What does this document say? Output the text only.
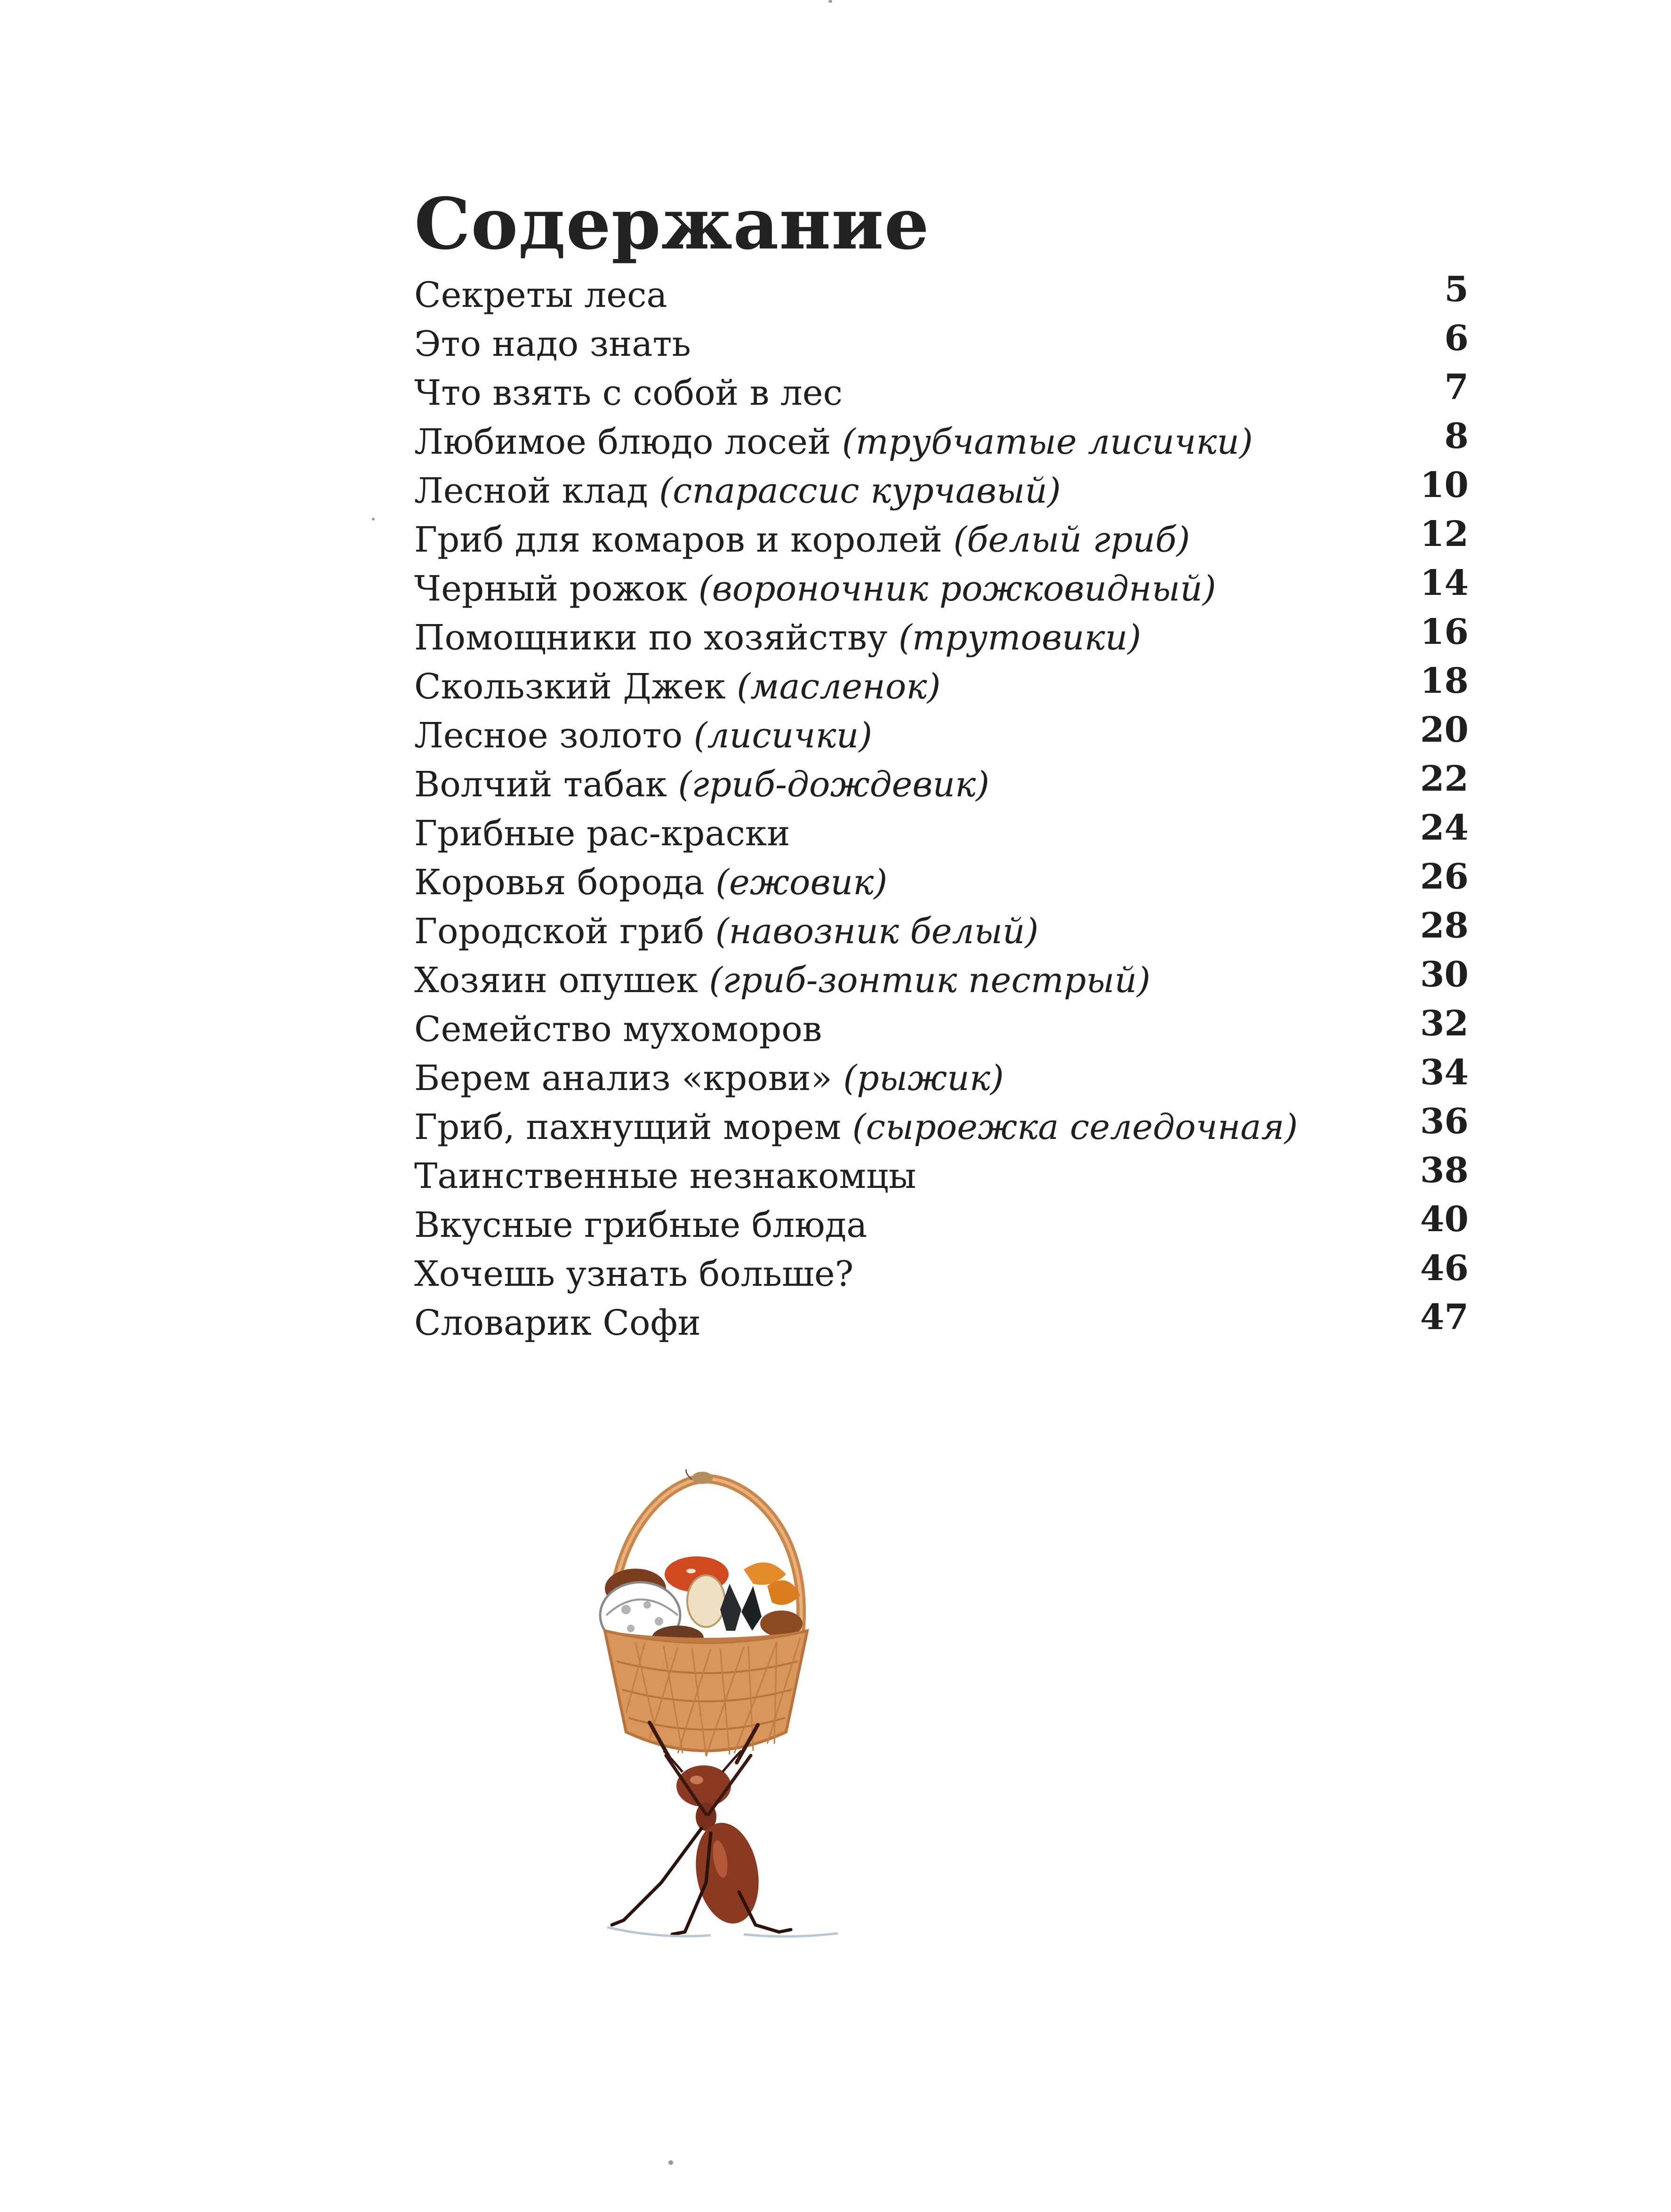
Содержание
Секреты леса	5
Это надо знать	6
Что взять с собой в лес	7
Любимое блюдо лосей (трубчатые лисички)	8
Лесной клад (спарассис курчавый)	10
Гриб для комаров и королей (белый гриб)	12
Черный рожок (вороночник рожковидный)	14
Помощники по хозяйству (трутовики)	16
Скользкий Джек (масленок)	18
Лесное золото (лисички)	20
Волчий табак (гриб-дождевик)	22
Грибные рас-краски	24
Коровья борода (ежовик)	26
Городской гриб (навозник белый)	28
Хозяин опушек (гриб-зонтик пестрый)	30
Семейство мухоморов	32
Берем анализ «крови» (рыжик)	34
Гриб, пахнущий морем (сыроежка селедочная)	36
Таинственные незнакомцы	38
Вкусные грибные блюда	40
Хочешь узнать больше?	46
Словарик Софи	47
